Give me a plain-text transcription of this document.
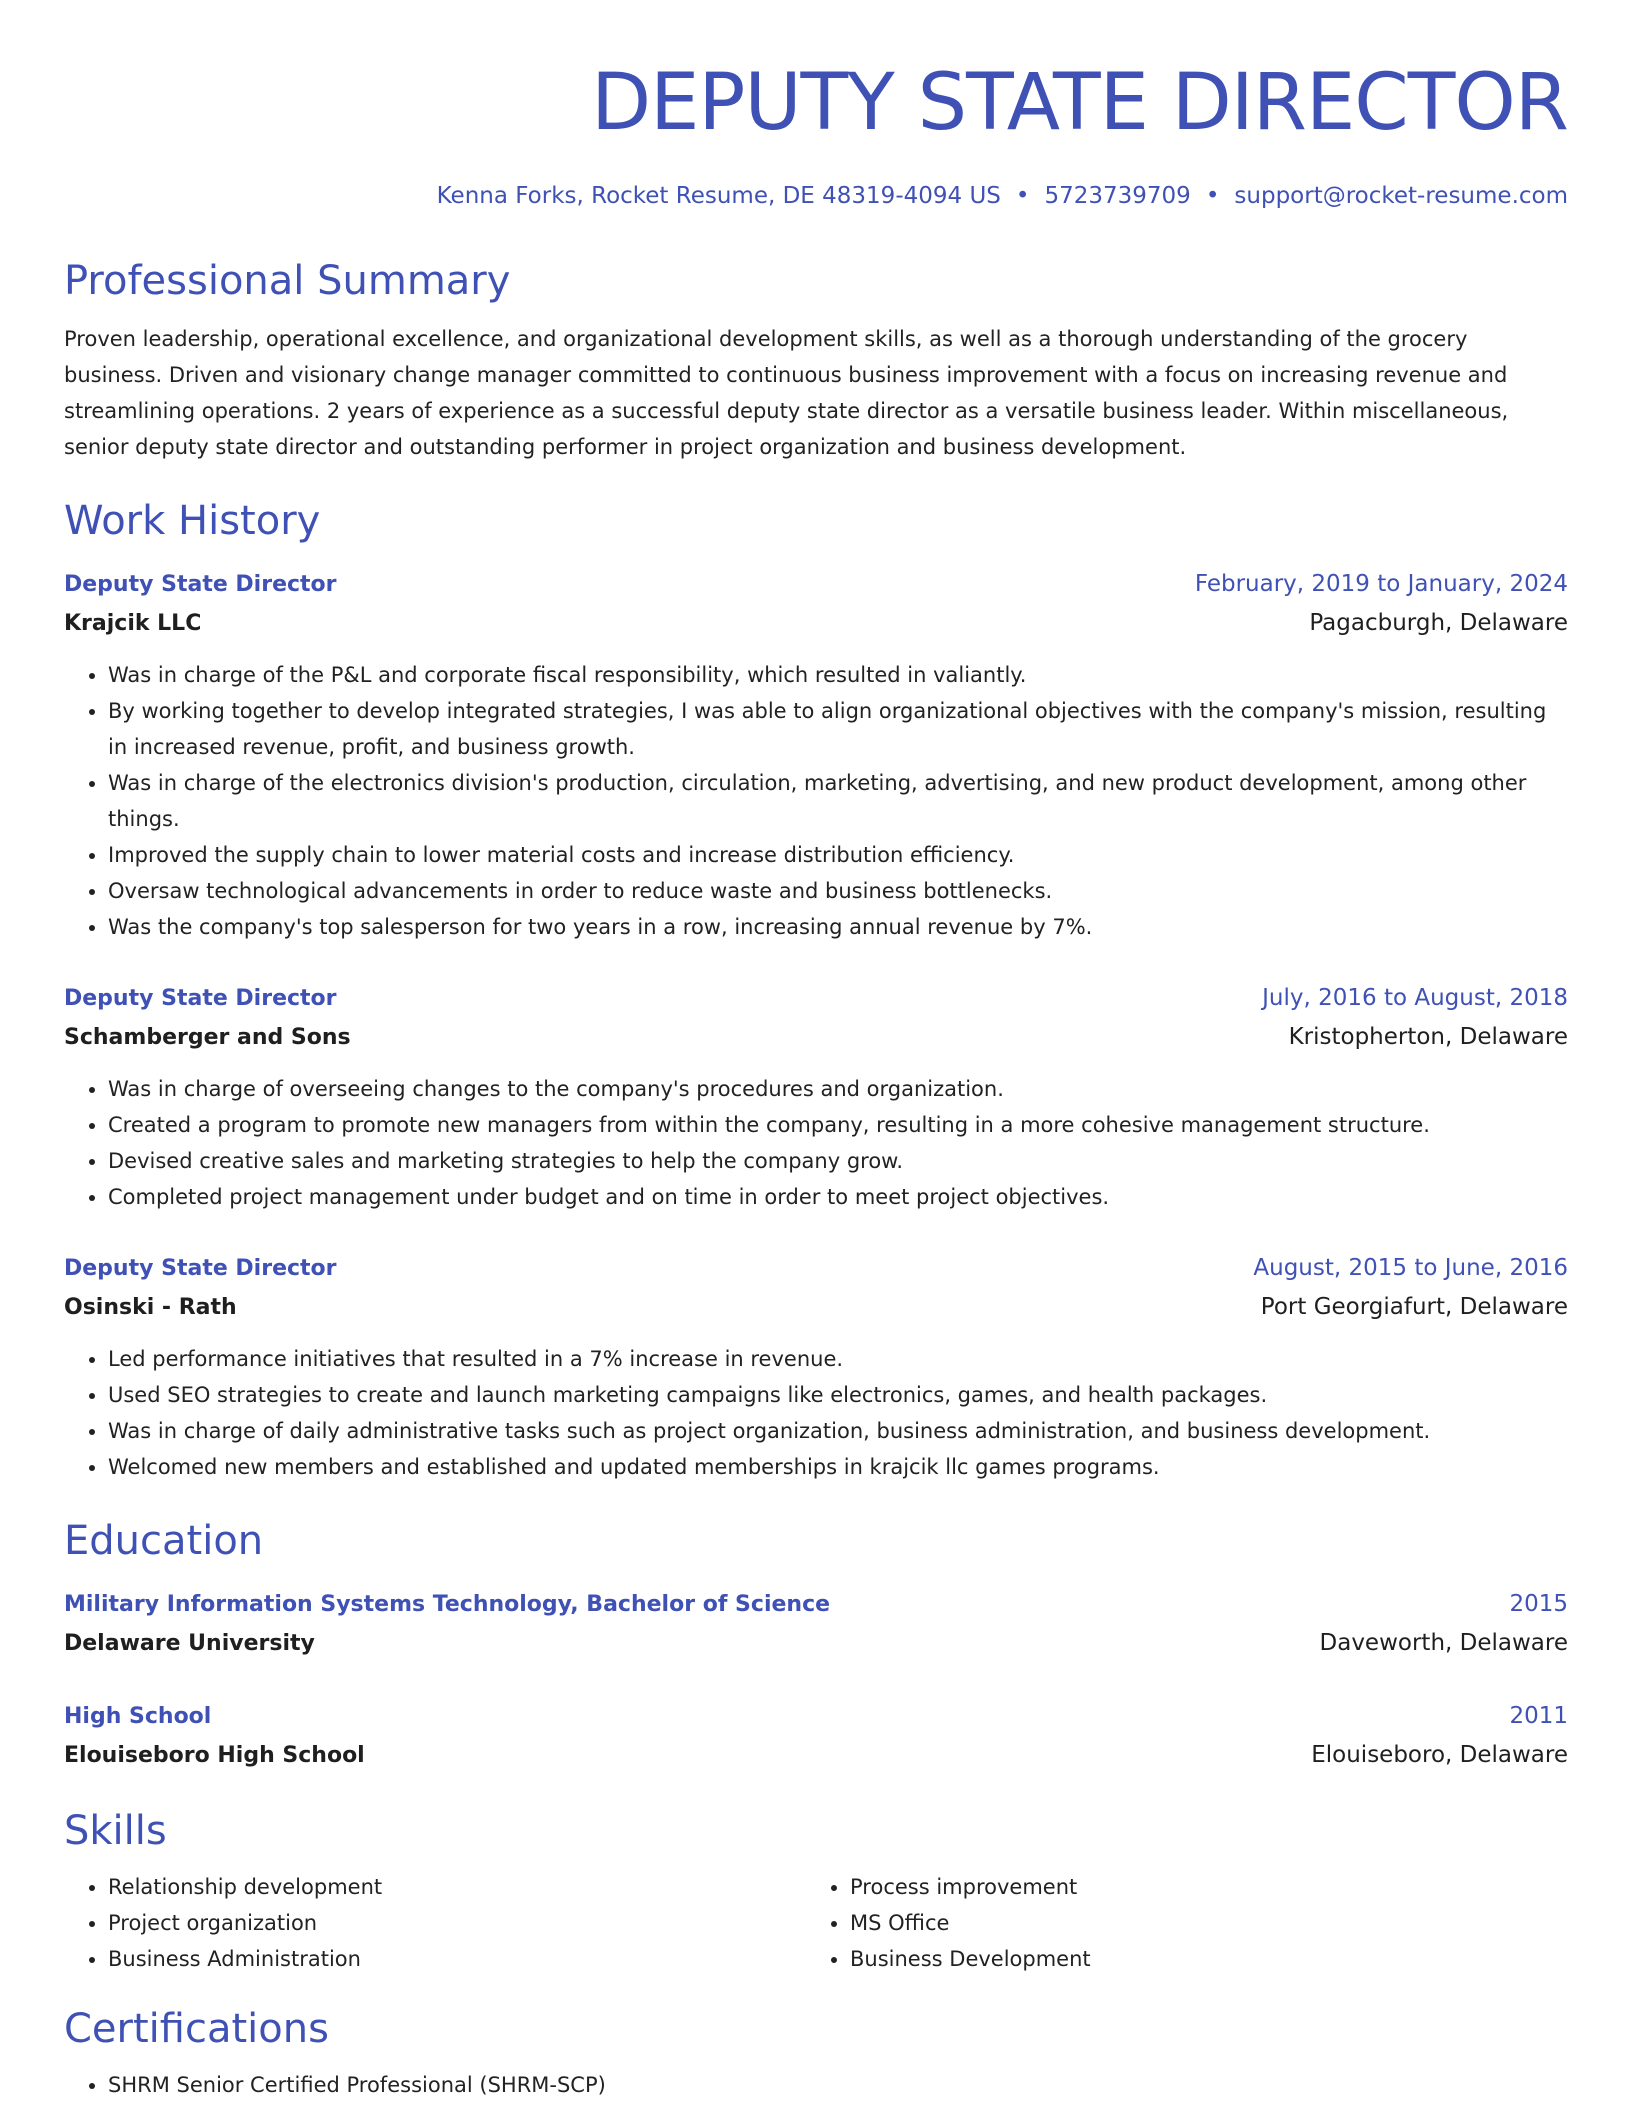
DEPUTY STATE DIRECTOR
Kenna Forks, Rocket Resume, DE 48319-4094 US • 5723739709 • support@rocket-resume.com
Professional Summary
Proven leadership, operational excellence, and organizational development skills, as well as a thorough understanding of the grocery business. Driven and visionary change manager committed to continuous business improvement with a focus on increasing revenue and streamlining operations. 2 years of experience as a successful deputy state director as a versatile business leader. Within miscellaneous, senior deputy state director and outstanding performer in project organization and business development.
Work History
Deputy State Director	February, 2019 to January, 2024
Krajcik LLC	Pagacburgh, Delaware
• Was in charge of the P&L and corporate fiscal responsibility, which resulted in valiantly.
• By working together to develop integrated strategies, I was able to align organizational objectives with the company's mission, resulting in increased revenue, profit, and business growth.
• Was in charge of the electronics division's production, circulation, marketing, advertising, and new product development, among other things.
• Improved the supply chain to lower material costs and increase distribution efficiency.
• Oversaw technological advancements in order to reduce waste and business bottlenecks.
• Was the company's top salesperson for two years in a row, increasing annual revenue by 7%.
Deputy State Director	July, 2016 to August, 2018
Schamberger and Sons	Kristopherton, Delaware
• Was in charge of overseeing changes to the company's procedures and organization.
• Created a program to promote new managers from within the company, resulting in a more cohesive management structure.
• Devised creative sales and marketing strategies to help the company grow.
• Completed project management under budget and on time in order to meet project objectives.
Deputy State Director	August, 2015 to June, 2016
Osinski - Rath	Port Georgiafurt, Delaware
• Led performance initiatives that resulted in a 7% increase in revenue.
• Used SEO strategies to create and launch marketing campaigns like electronics, games, and health packages.
• Was in charge of daily administrative tasks such as project organization, business administration, and business development.
• Welcomed new members and established and updated memberships in krajcik llc games programs.
Education
Military Information Systems Technology, Bachelor of Science	2015
Delaware University	Daveworth, Delaware
High School	2011
Elouiseboro High School	Elouiseboro, Delaware
Skills
• Relationship development
• Project organization
• Business Administration
• Process improvement
• MS Office
• Business Development
Certifications
• SHRM Senior Certified Professional (SHRM-SCP)
